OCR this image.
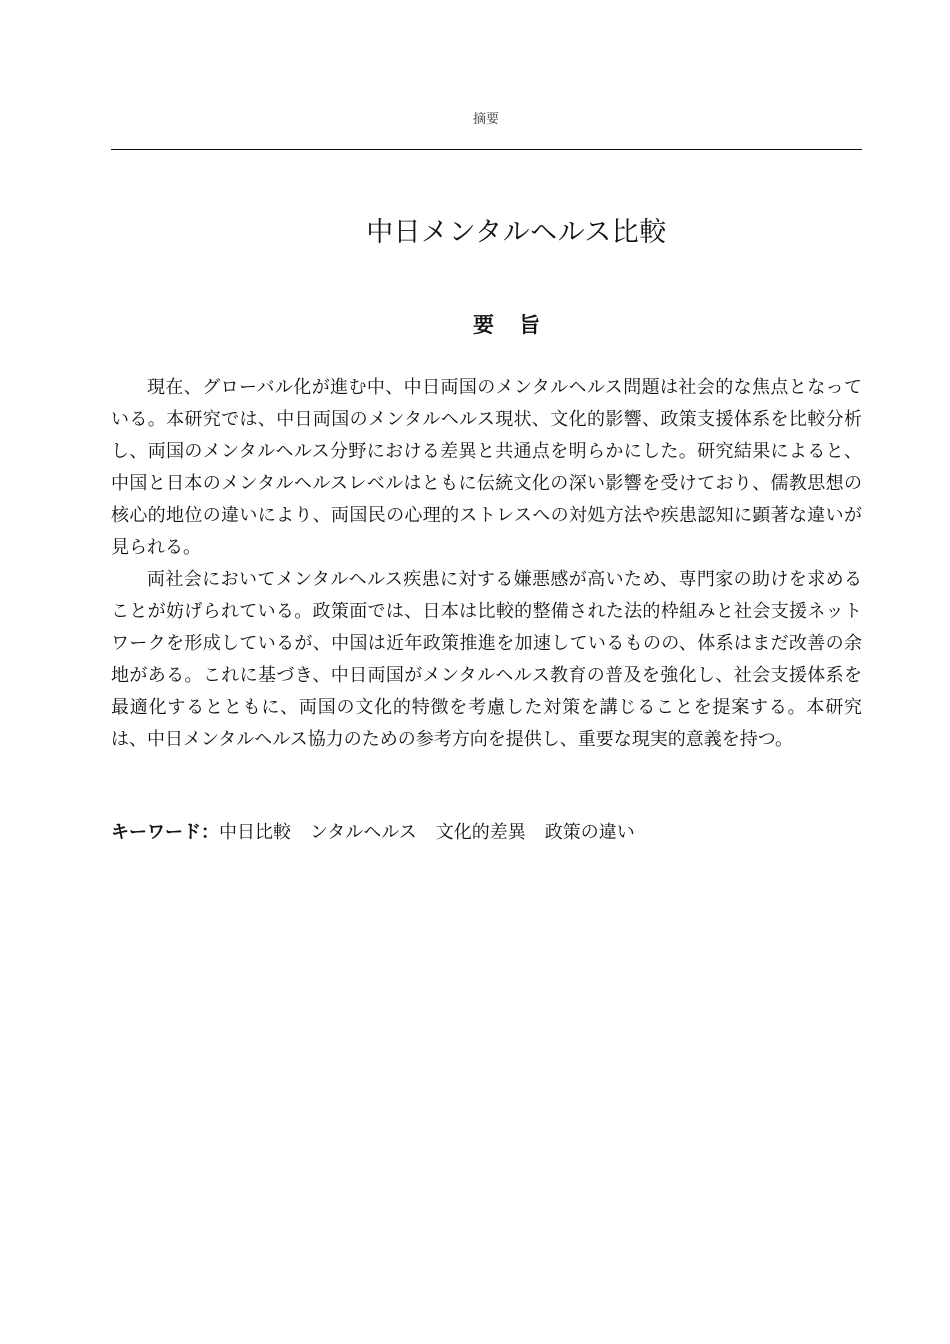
摘要
中日メンタルヘルス比較
要　旨

現在、グローバル化が進む中、中日両国のメンタルヘルス問題は社会的な焦点となっている。本研究では、中日両国のメンタルヘルス現状、文化的影響、政策支援体系を比較分析し、両国のメンタルヘルス分野における差異と共通点を明らかにした。研究結果によると、中国と日本のメンタルヘルスレベルはともに伝統文化の深い影響を受けており、儒教思想の核心的地位の違いにより、両国民の心理的ストレスへの対処方法や疾患認知に顕著な違いが見られる。

両社会においてメンタルヘルス疾患に対する嫌悪感が高いため、専門家の助けを求めることが妨げられている。政策面では、日本は比較的整備された法的枠組みと社会支援ネットワークを形成しているが、中国は近年政策推進を加速しているものの、体系はまだ改善の余地がある。これに基づき、中日両国がメンタルヘルス教育の普及を強化し、社会支援体系を最適化するとともに、両国の文化的特徴を考慮した対策を講じることを提案する。本研究は、中日メンタルヘルス協力のための参考方向を提供し、重要な現実的意義を持つ。

キーワード：中日比較 ンタルヘルス 文化的差異 政策の違い
